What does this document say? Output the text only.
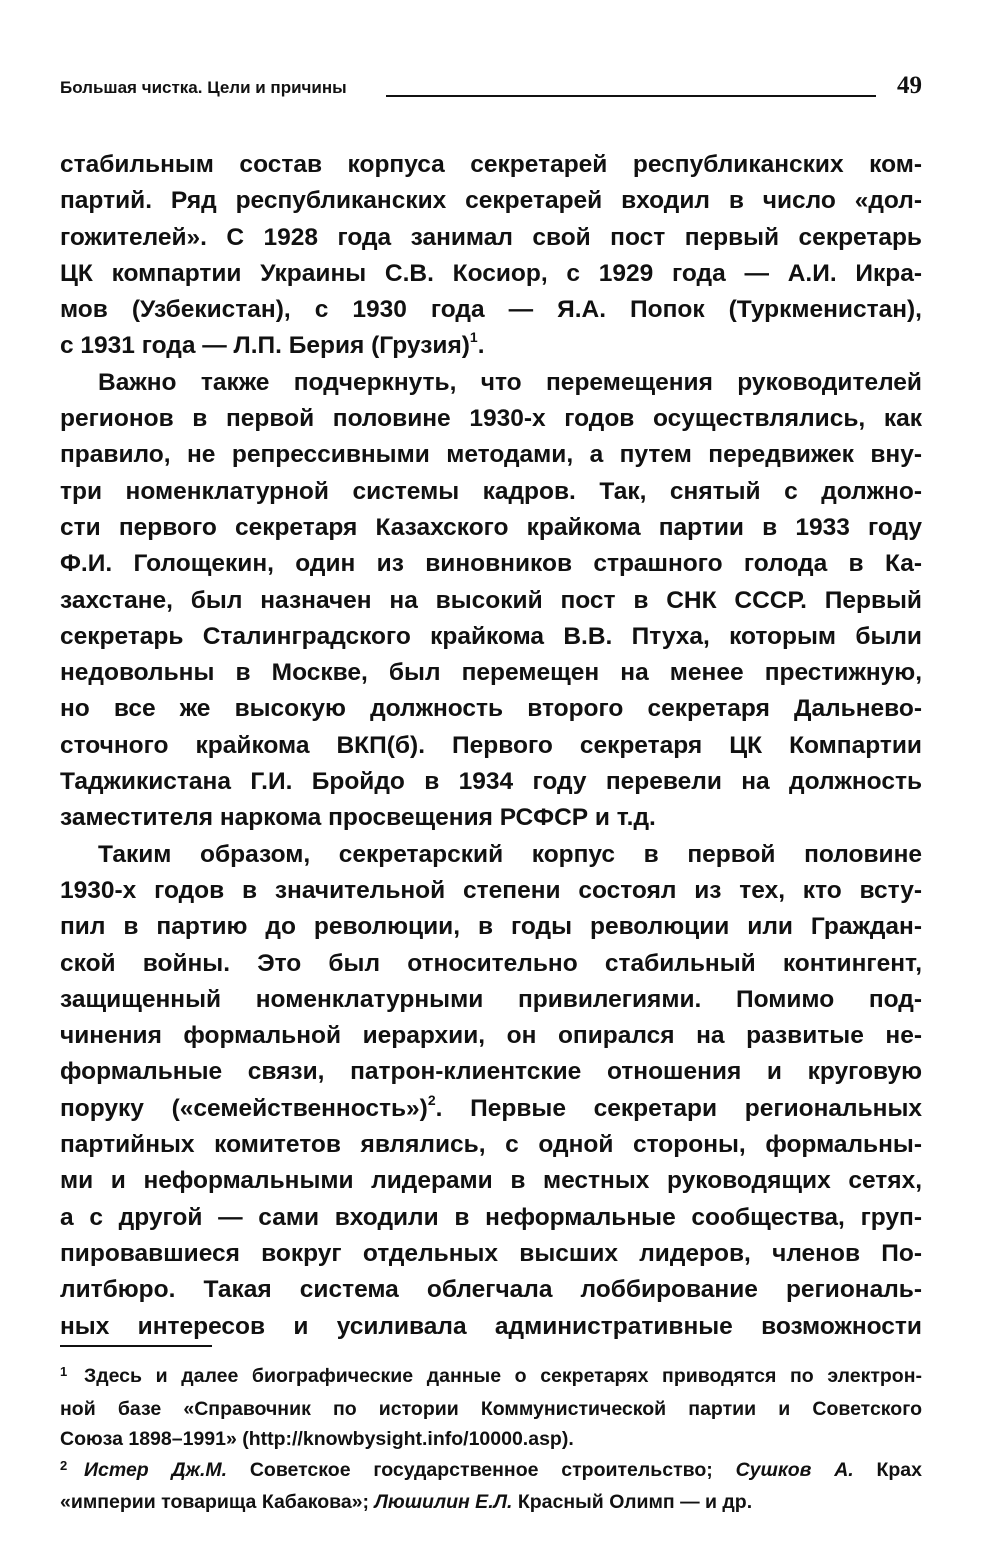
Большая чистка. Цели и причины	49
стабильным состав корпуса секретарей республиканских ком-
партий. Ряд республиканских секретарей входил в число «дол-
гожителей». С 1928 года занимал свой пост первый секретарь
ЦК компартии Украины С.В. Косиор, с 1929 года — А.И. Икра-
мов (Узбекистан), с 1930 года — Я.А. Попок (Туркменистан),
с 1931 года — Л.П. Берия (Грузия)$^1$.
Важно также подчеркнуть, что перемещения руководителей
регионов в первой половине 1930-х годов осуществлялись, как
правило, не репрессивными методами, а путем передвижек вну-
три номенклатурной системы кадров. Так, снятый с должно-
сти первого секретаря Казахского крайкома партии в 1933 году
Ф.И. Голощекин, один из виновников страшного голода в Ка-
захстане, был назначен на высокий пост в СНК СССР. Первый
секретарь Сталинградского крайкома В.В. Птуха, которым были
недовольны в Москве, был перемещен на менее престижную,
но все же высокую должность второго секретаря Дальнево-
сточного крайкома ВКП(б). Первого секретаря ЦК Компартии
Таджикистана Г.И. Бройдо в 1934 году перевели на должность
заместителя наркома просвещения РСФСР и т.д.
Таким образом, секретарский корпус в первой половине
1930-х годов в значительной степени состоял из тех, кто всту-
пил в партию до революции, в годы революции или Граждан-
ской войны. Это был относительно стабильный контингент,
защищенный номенклатурными привилегиями. Помимо под-
чинения формальной иерархии, он опирался на развитые не-
формальные связи, патрон-клиентские отношения и круговую
поруку («семейственность»)$^2$. Первые секретари региональных
партийных комитетов являлись, с одной стороны, формальны-
ми и неформальными лидерами в местных руководящих сетях,
а с другой — сами входили в неформальные сообщества, груп-
пировавшиеся вокруг отдельных высших лидеров, членов По-
литбюро. Такая система облегчала лоббирование региональ-
ных интересов и усиливала административные возможности
1 Здесь и далее биографические данные о секретарях приводятся по электрон-
ной базе «Справочник по истории Коммунистической партии и Советского
Союза 1898–1991» (http://knowbysight.info/10000.asp).
2 Истер Дж.М. Советское государственное строительство; Сушков А. Крах
«империи товарища Кабакова»; Люшилин Е.Л. Красный Олимп — и др.
